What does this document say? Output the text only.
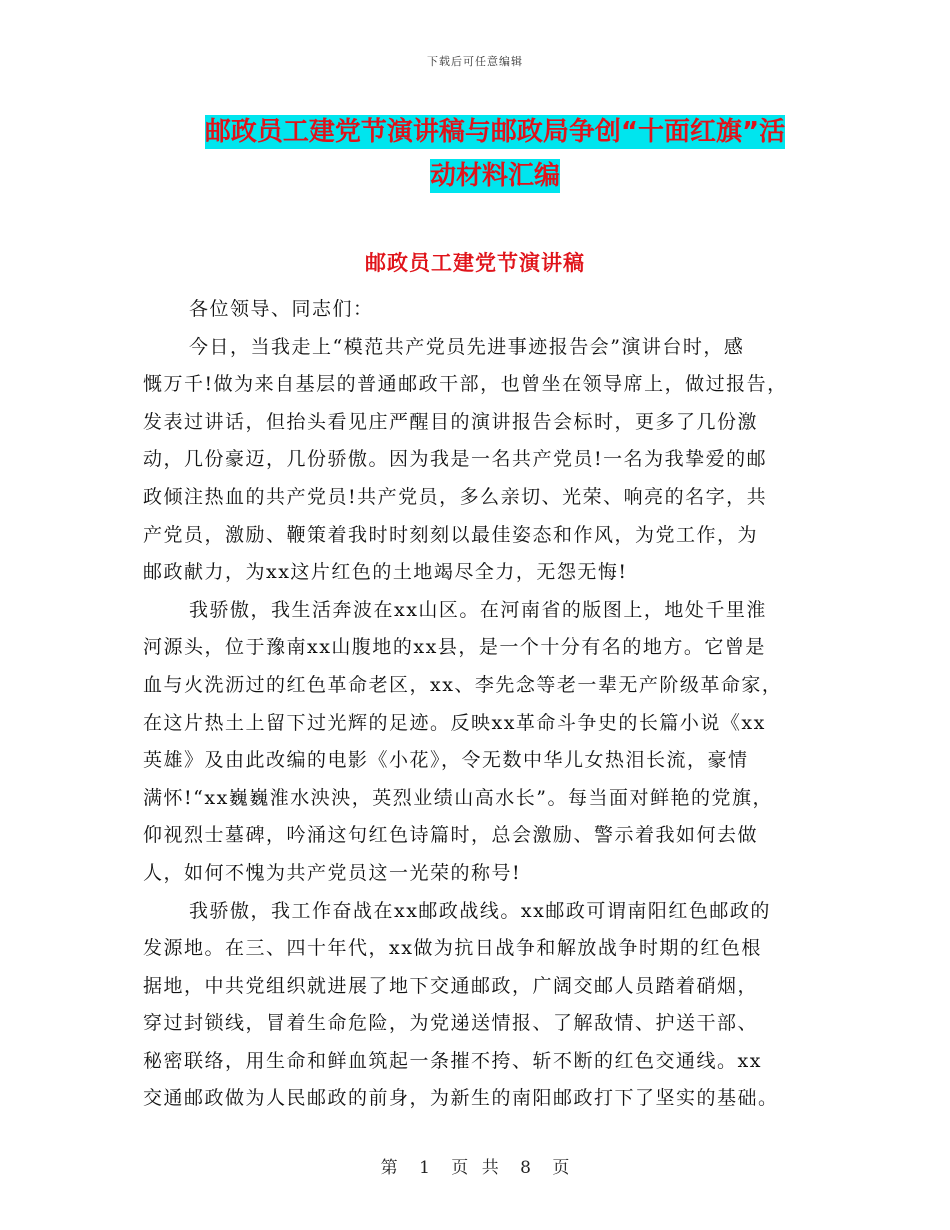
下载后可任意编辑
邮政员工建党节演讲稿与邮政局争创“十面红旗”活
动材料汇编
邮政员工建党节演讲稿
各位领导、同志们：
今日，当我走上“模范共产党员先进事迹报告会”演讲台时，感
慨万千!做为来自基层的普通邮政干部，也曾坐在领导席上，做过报告，
发表过讲话，但抬头看见庄严醒目的演讲报告会标时，更多了几份激
动，几份豪迈，几份骄傲。因为我是一名共产党员!一名为我挚爱的邮
政倾注热血的共产党员!共产党员，多么亲切、光荣、响亮的名字，共
产党员，激励、鞭策着我时时刻刻以最佳姿态和作风，为党工作，为
邮政献力，为xx这片红色的土地竭尽全力，无怨无悔!
我骄傲，我生活奔波在xx山区。在河南省的版图上，地处千里淮
河源头，位于豫南xx山腹地的xx县，是一个十分有名的地方。它曾是
血与火洗沥过的红色革命老区，xx、李先念等老一辈无产阶级革命家，
在这片热土上留下过光辉的足迹。反映xx革命斗争史的长篇小说《xx
英雄》及由此改编的电影《小花》，令无数中华儿女热泪长流，豪情
满怀!“xx巍巍淮水泱泱，英烈业绩山高水长”。每当面对鲜艳的党旗，
仰视烈士墓碑，吟涌这句红色诗篇时，总会激励、警示着我如何去做
人，如何不愧为共产党员这一光荣的称号!
我骄傲，我工作奋战在xx邮政战线。xx邮政可谓南阳红色邮政的
发源地。在三、四十年代，xx做为抗日战争和解放战争时期的红色根
据地，中共党组织就进展了地下交通邮政，广阔交邮人员踏着硝烟，
穿过封锁线，冒着生命危险，为党递送情报、了解敌情、护送干部、
秘密联络，用生命和鲜血筑起一条摧不挎、斩不断的红色交通线。xx
交通邮政做为人民邮政的前身，为新生的南阳邮政打下了坚实的基础。
第 1 页 共 8 页
